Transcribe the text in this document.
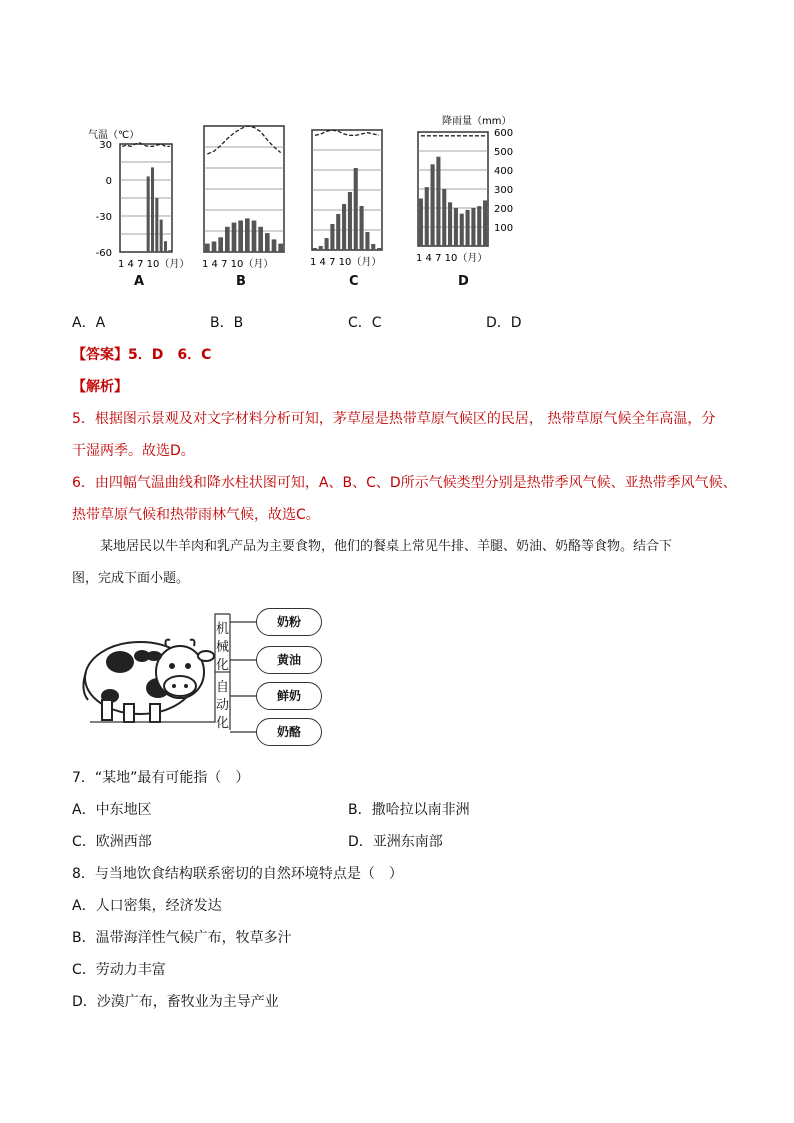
气温（℃）
降雨量（mm）
1 4 7 10（月） 1 4 7 10（月）	1 4 7 10（月）	1 4 7 10（月）
30
0
-30
-60
600
500
400
300
200
100
A	B	C	D
A．A	B．B	C．C	D．D
【答案】5．D　6．C
【解析】
5．根据图示景观及对文字材料分析可知，茅草屋是热带草原气候区的民居， 热带草原气候全年高温，分
干湿两季。故选D。
6．由四幅气温曲线和降水柱状图可知，A、B、C、D所示气候类型分别是热带季风气候、亚热带季风气候、
热带草原气候和热带雨林气候，故选C。
某地居民以牛羊肉和乳产品为主要食物，他们的餐桌上常见牛排、羊腿、奶油、奶酪等食物。结合下
图，完成下面小题。
机
械
化
自
动
化
奶粉
黄油
鲜奶
奶酪
7．“某地”最有可能指（　）
A．中东地区	B．撒哈拉以南非洲
C．欧洲西部	D．亚洲东南部
8．与当地饮食结构联系密切的自然环境特点是（　）
A．人口密集，经济发达
B．温带海洋性气候广布，牧草多汁
C．劳动力丰富
D．沙漠广布，畜牧业为主导产业
